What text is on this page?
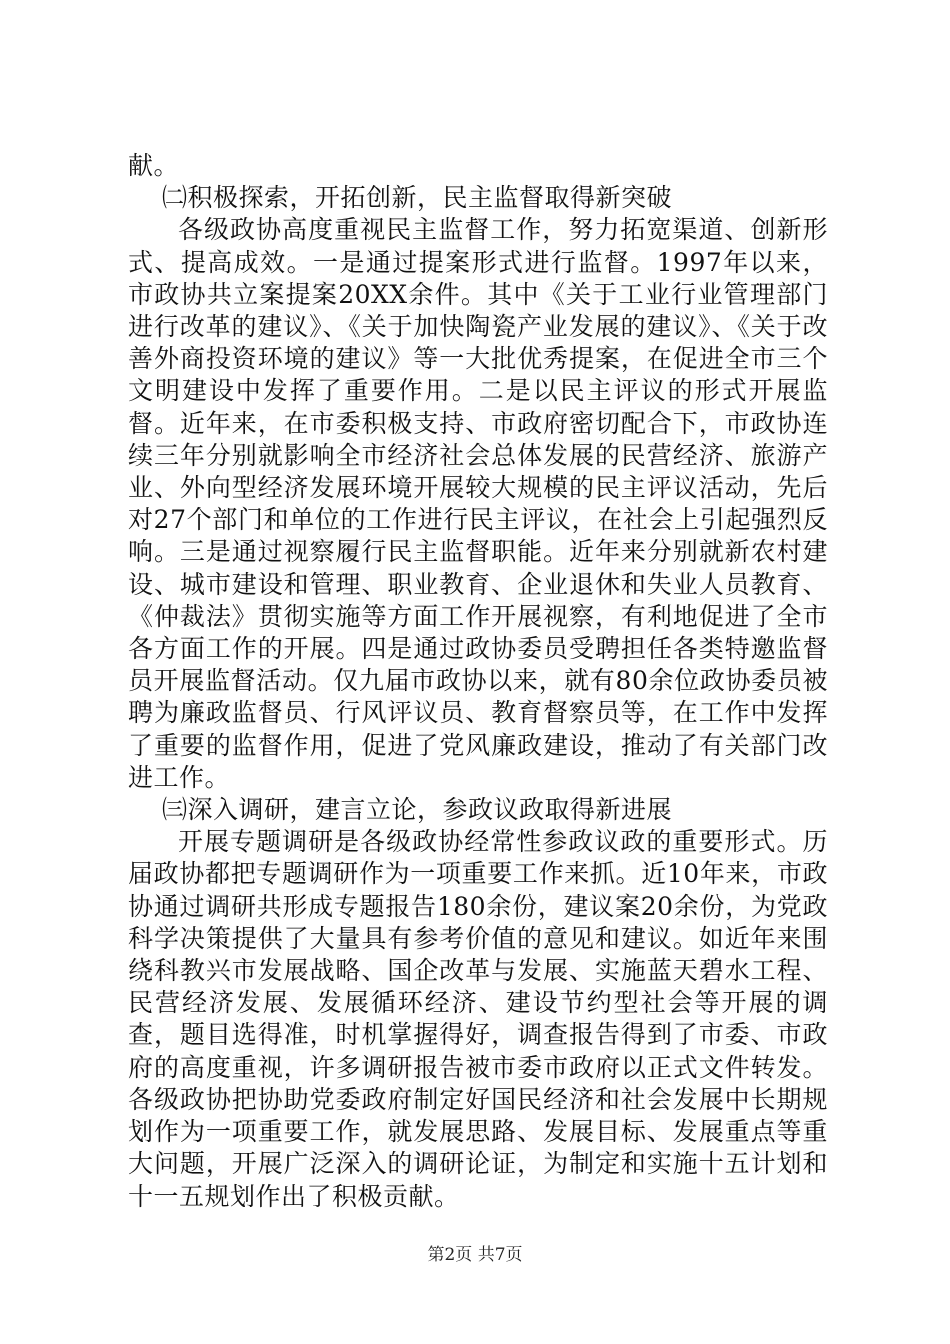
献。

㈡积极探索，开拓创新，民主监督取得新突破

各级政协高度重视民主监督工作，努力拓宽渠道、创新形式、提高成效。一是通过提案形式进行监督。1997年以来，市政协共立案提案20XX余件。其中《关于工业行业管理部门进行改革的建议》、《关于加快陶瓷产业发展的建议》、《关于改善外商投资环境的建议》等一大批优秀提案，在促进全市三个文明建设中发挥了重要作用。二是以民主评议的形式开展监督。近年来，在市委积极支持、市政府密切配合下，市政协连续三年分别就影响全市经济社会总体发展的民营经济、旅游产业、外向型经济发展环境开展较大规模的民主评议活动，先后对27个部门和单位的工作进行民主评议，在社会上引起强烈反响。三是通过视察履行民主监督职能。近年来分别就新农村建设、城市建设和管理、职业教育、企业退休和失业人员教育、《仲裁法》贯彻实施等方面工作开展视察，有利地促进了全市各方面工作的开展。四是通过政协委员受聘担任各类特邀监督员开展监督活动。仅九届市政协以来，就有80余位政协委员被聘为廉政监督员、行风评议员、教育督察员等，在工作中发挥了重要的监督作用，促进了党风廉政建设，推动了有关部门改进工作。

㈢深入调研，建言立论，参政议政取得新进展

开展专题调研是各级政协经常性参政议政的重要形式。历届政协都把专题调研作为一项重要工作来抓。近10年来，市政协通过调研共形成专题报告180余份，建议案20余份，为党政科学决策提供了大量具有参考价值的意见和建议。如近年来围绕科教兴市发展战略、国企改革与发展、实施蓝天碧水工程、民营经济发展、发展循环经济、建设节约型社会等开展的调查，题目选得准，时机掌握得好，调查报告得到了市委、市政府的高度重视，许多调研报告被市委市政府以正式文件转发。各级政协把协助党委政府制定好国民经济和社会发展中长期规划作为一项重要工作，就发展思路、发展目标、发展重点等重大问题，开展广泛深入的调研论证，为制定和实施十五计划和十一五规划作出了积极贡献。

第2页 共7页
